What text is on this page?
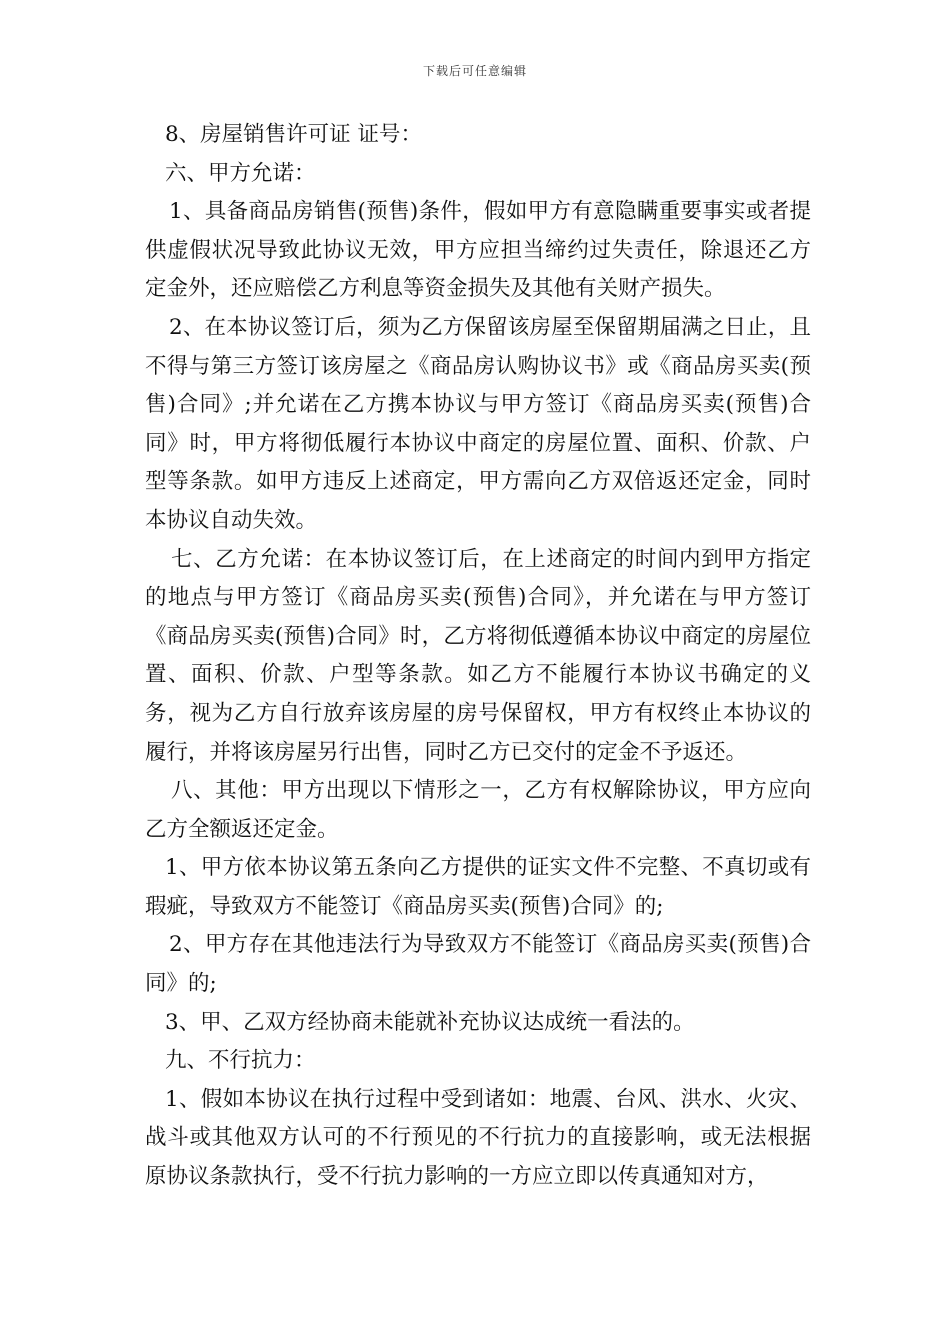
下载后可任意编辑

8、房屋销售许可证 证号：

六、甲方允诺：

1、具备商品房销售(预售)条件，假如甲方有意隐瞒重要事实或者提供虚假状况导致此协议无效，甲方应担当缔约过失责任，除退还乙方定金外，还应赔偿乙方利息等资金损失及其他有关财产损失。

2、在本协议签订后，须为乙方保留该房屋至保留期届满之日止，且不得与第三方签订该房屋之《商品房认购协议书》或《商品房买卖(预售)合同》;并允诺在乙方携本协议与甲方签订《商品房买卖(预售)合同》时，甲方将彻低履行本协议中商定的房屋位置、面积、价款、户型等条款。如甲方违反上述商定，甲方需向乙方双倍返还定金，同时本协议自动失效。

七、乙方允诺：在本协议签订后，在上述商定的时间内到甲方指定的地点与甲方签订《商品房买卖(预售)合同》，并允诺在与甲方签订《商品房买卖(预售)合同》时，乙方将彻低遵循本协议中商定的房屋位置、面积、价款、户型等条款。如乙方不能履行本协议书确定的义务，视为乙方自行放弃该房屋的房号保留权，甲方有权终止本协议的履行，并将该房屋另行出售，同时乙方已交付的定金不予返还。

八、其他：甲方出现以下情形之一，乙方有权解除协议，甲方应向乙方全额返还定金。

1、甲方依本协议第五条向乙方提供的证实文件不完整、不真切或有瑕疵，导致双方不能签订《商品房买卖(预售)合同》的;

2、甲方存在其他违法行为导致双方不能签订《商品房买卖(预售)合同》的;

3、甲、乙双方经协商未能就补充协议达成统一看法的。

九、不行抗力：

1、假如本协议在执行过程中受到诸如：地震、台风、洪水、火灾、战斗或其他双方认可的不行预见的不行抗力的直接影响，或无法根据原协议条款执行，受不行抗力影响的一方应立即以传真通知对方，
